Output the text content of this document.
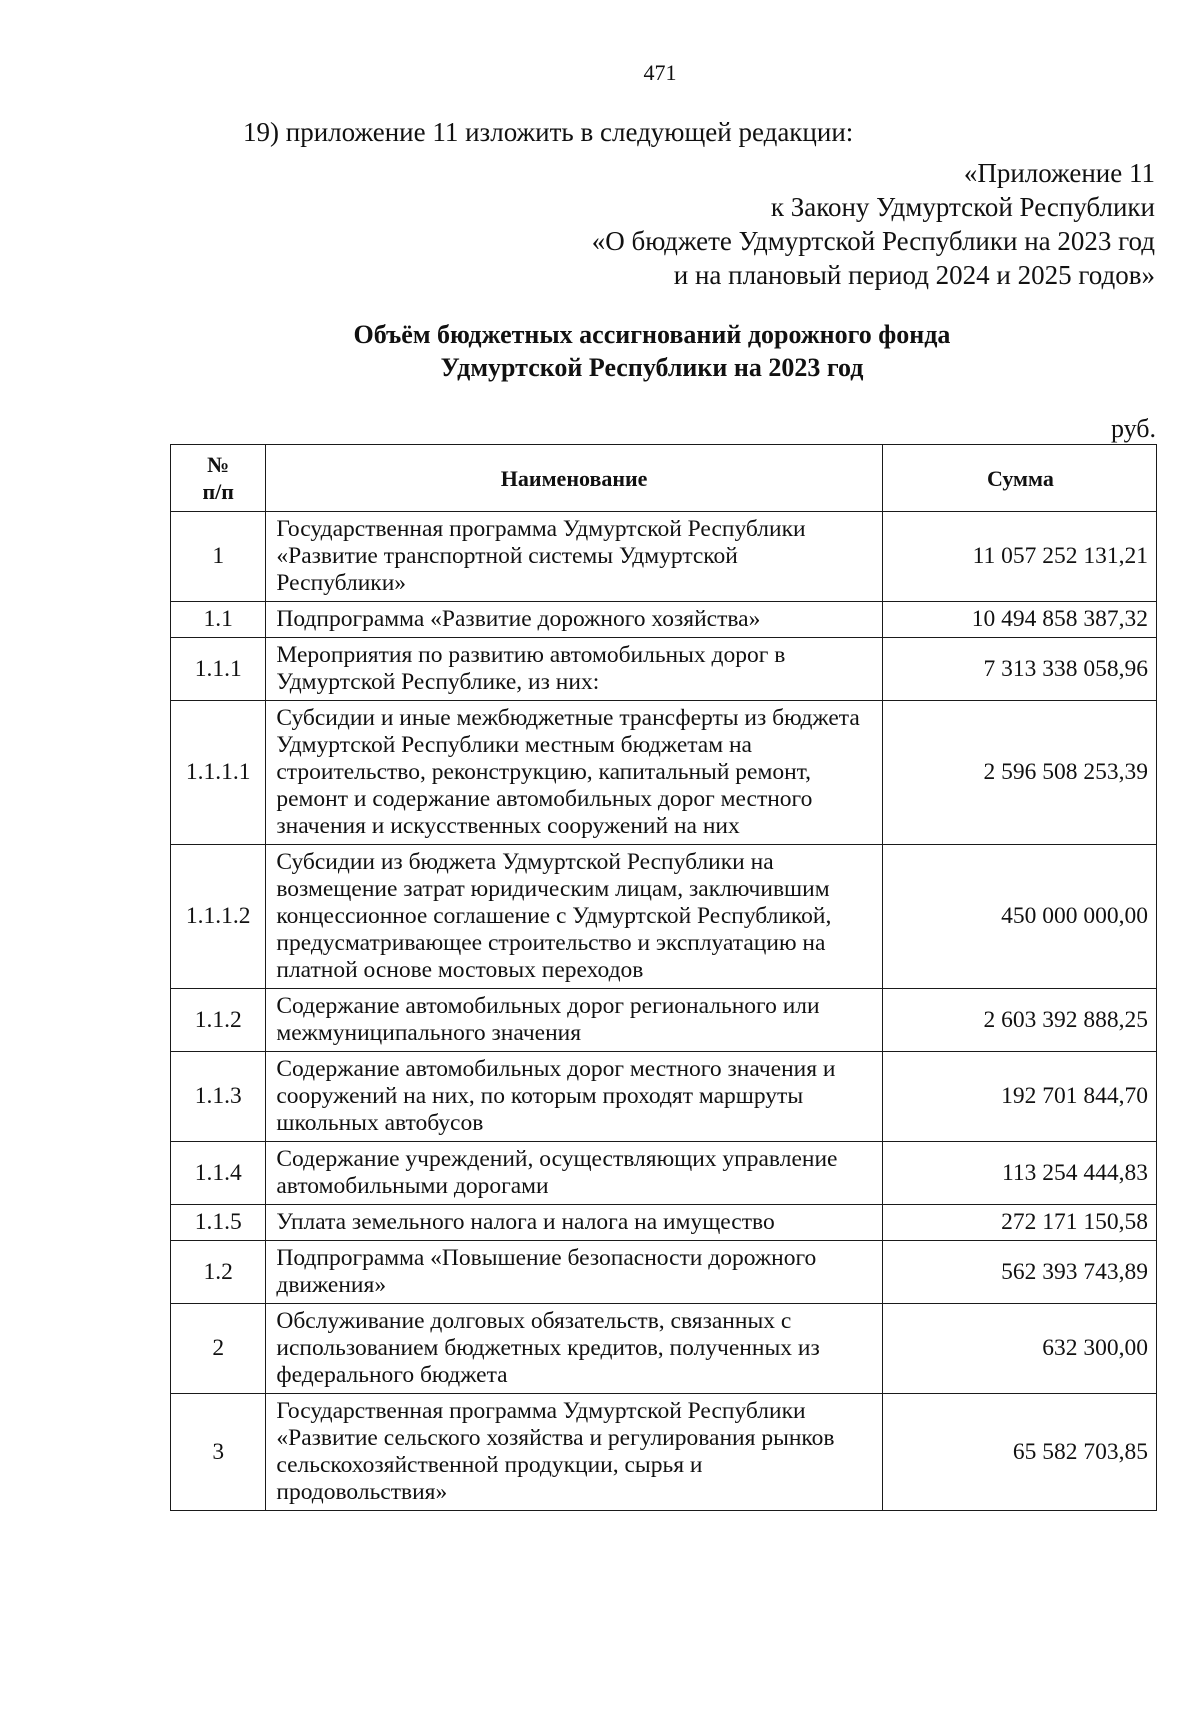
471
19) приложение 11 изложить в следующей редакции:
«Приложение 11
к Закону Удмуртской Республики
«О бюджете Удмуртской Республики на 2023 год
и на плановый период 2024 и 2025 годов»
Объём бюджетных ассигнований дорожного фонда
Удмуртской Республики на 2023 год
руб.
№
п/п	Наименование	Сумма
1	Государственная программа Удмуртской Республики «Развитие транспортной системы Удмуртской Республики»	11 057 252 131,21
1.1	Подпрограмма «Развитие дорожного хозяйства»	10 494 858 387,32
1.1.1	Мероприятия по развитию автомобильных дорог в Удмуртской Республике, из них:	7 313 338 058,96
1.1.1.1	Субсидии и иные межбюджетные трансферты из бюджета Удмуртской Республики местным бюджетам на строительство, реконструкцию, капитальный ремонт, ремонт и содержание автомобильных дорог местного значения и искусственных сооружений на них	2 596 508 253,39
1.1.1.2	Субсидии из бюджета Удмуртской Республики на возмещение затрат юридическим лицам, заключившим концессионное соглашение с Удмуртской Республикой, предусматривающее строительство и эксплуатацию на платной основе мостовых переходов	450 000 000,00
1.1.2	Содержание автомобильных дорог регионального или межмуниципального значения	2 603 392 888,25
1.1.3	Содержание автомобильных дорог местного значения и сооружений на них, по которым проходят маршруты школьных автобусов	192 701 844,70
1.1.4	Содержание учреждений, осуществляющих управление автомобильными дорогами	113 254 444,83
1.1.5	Уплата земельного налога и налога на имущество	272 171 150,58
1.2	Подпрограмма «Повышение безопасности дорожного движения»	562 393 743,89
2	Обслуживание долговых обязательств, связанных с использованием бюджетных кредитов, полученных из федерального бюджета	632 300,00
3	Государственная программа Удмуртской Республики «Развитие сельского хозяйства и регулирования рынков сельскохозяйственной продукции, сырья и продовольствия»	65 582 703,85
